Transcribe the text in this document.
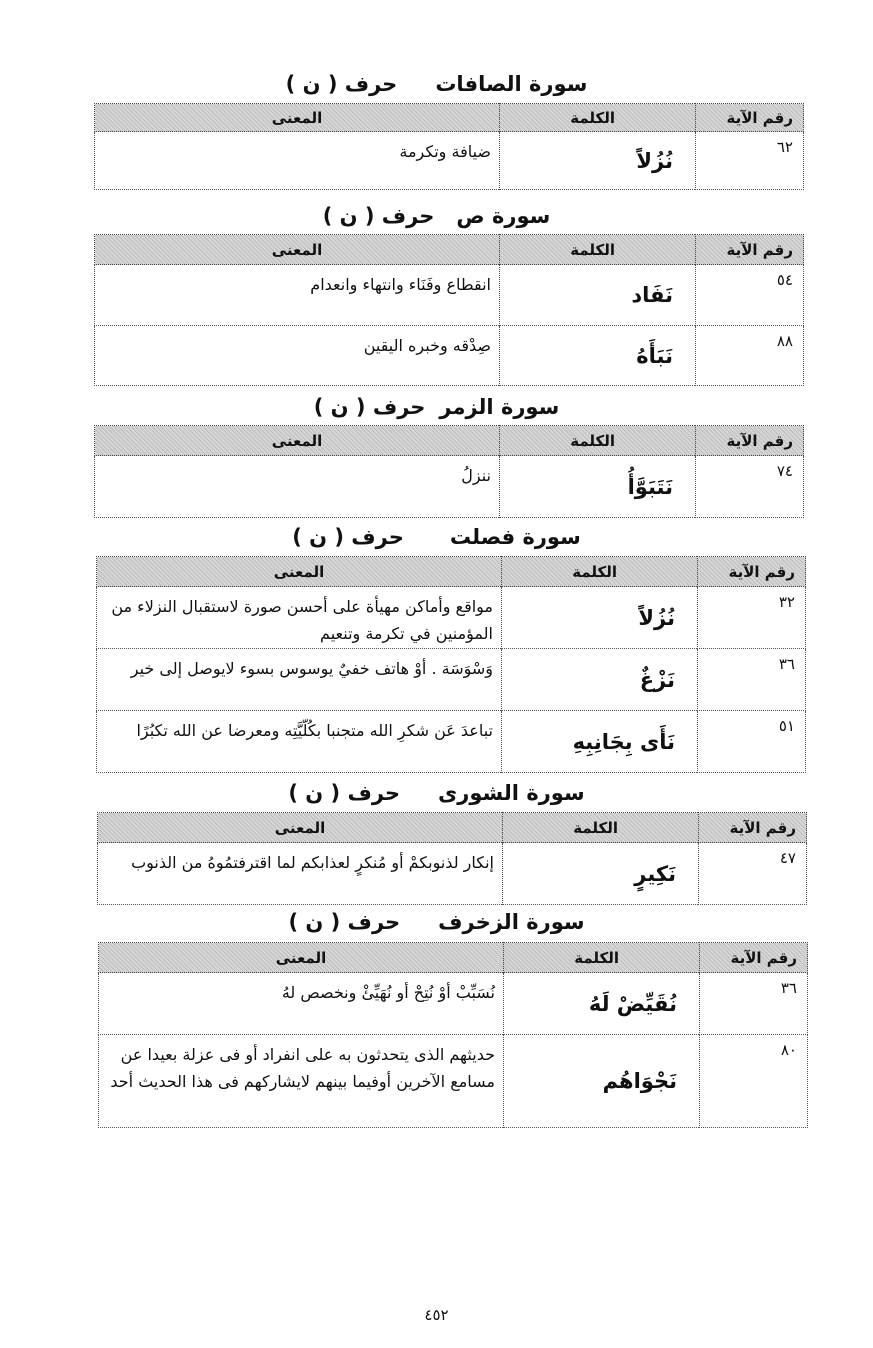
سورة الصافات
حرف ( ن )
رقم الآية	الكلمة	المعنى
٦٢	نُزُلاً	ضيافة وتكرمة
سورة ص
حرف ( ن )
رقم الآية	الكلمة	المعنى
٥٤	نَفَاد	انقطاع وفَنَاء وانتهاء وانعدام
٨٨	نَبَأَهُ	صِدْقه وخبره اليقين
سورة الزمر
حرف ( ن )
رقم الآية	الكلمة	المعنى
٧٤	نَتَبَوَّأُ	ننزلُ
سورة فصلت
حرف ( ن )
رقم الآية	الكلمة	المعنى
٣٢	نُزُلاً	مواقع وأماكن مهيأة على أحسن صورة لاستقبال النزلاء من المؤمنين في تكرمة وتنعيم
٣٦	نَزْغٌ	وَسْوَسَة . أوْ هاتف خفيٌ يوسوس بسوء لايوصل إلى خير
٥١	نَأَى بِجَانِبِهِ	تباعدَ عَن شكرِ الله متجنبا بكُلّيَّتِه ومعرضا عن الله تكبُرًا
سورة الشورى
حرف ( ن )
رقم الآية	الكلمة	المعنى
٤٧	نَكِيرٍ	إنكار لذنوبكمْ أو مُنكرٍ لعذابكم لما اقترفتمُوهُ من الذنوب
سورة الزخرف
حرف ( ن )
رقم الآية	الكلمة	المعنى
٣٦	نُقَيِّضْ لَهُ	نُسَبِّبْ أوْ نُتِحْ أو نُهَيِّئْ ونخصص لهُ
٨٠	نَجْوَاهُم	حديثهم الذى يتحدثون به على انفراد أو فى عزلة بعيدا عن مسامع الآخرين أوفيما بينهم لايشاركهم فى هذا الحديث أحد
٤٥٢
